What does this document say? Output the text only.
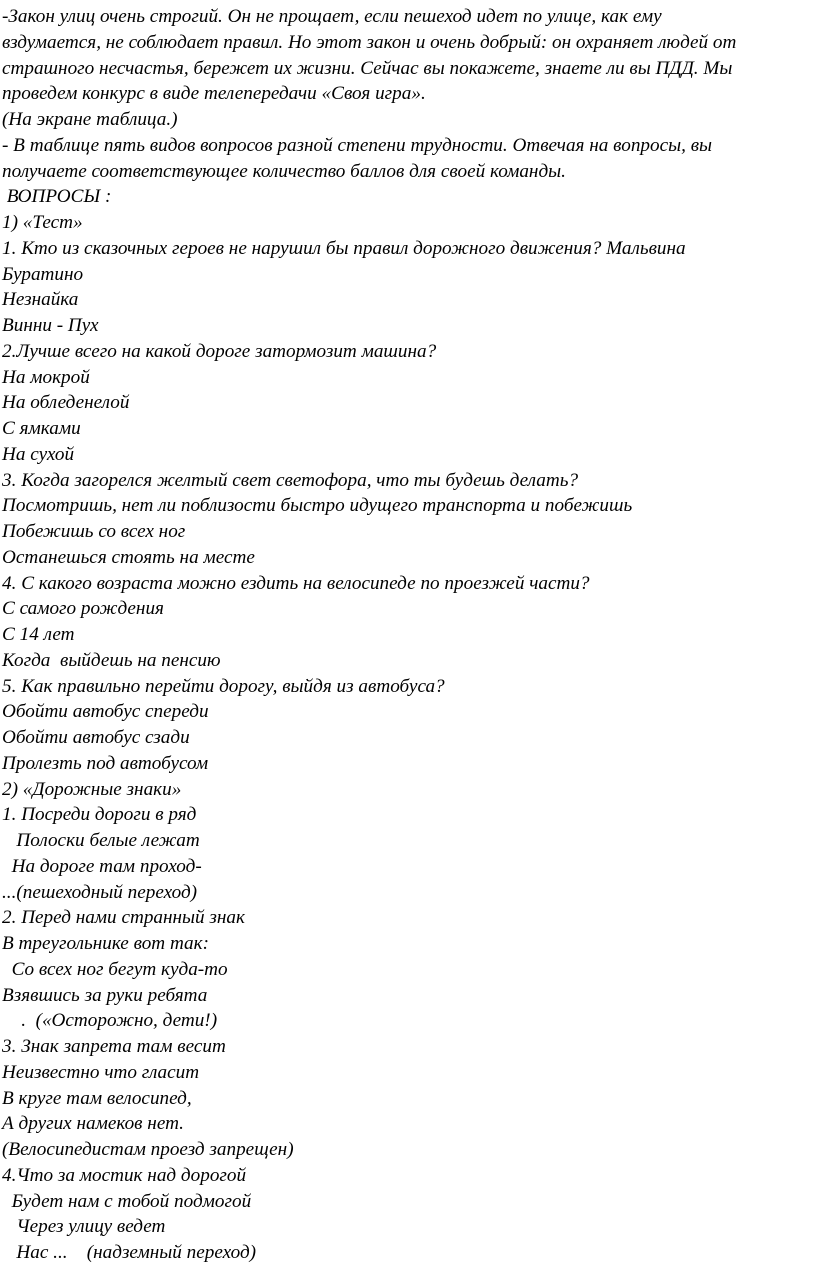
-Закон улиц очень строгий. Он не прощает, если пешеход идет по улице, как ему
вздумается, не соблюдает правил. Но этот закон и очень добрый: он охраняет людей от
страшного несчастья, бережет их жизни. Сейчас вы покажете, знаете ли вы ПДД. Мы
проведем конкурс в виде телепередачи «Своя игра».
(На экране таблица.)
- В таблице пять видов вопросов разной степени трудности. Отвечая на вопросы, вы
получаете соответствующее количество баллов для своей команды.
ВОПРОСЫ :
1) «Тест»
1. Кто из сказочных героев не нарушил бы правил дорожного движения? Мальвина
Буратино
Незнайка
Винни - Пух
2.Лучше всего на какой дороге затормозит машина?
На мокрой
На обледенелой
С ямками
На сухой
3. Когда загорелся желтый свет светофора, что ты будешь делать?
Посмотришь, нет ли поблизости быстро идущего транспорта и побежишь
Побежишь со всех ног
Останешься стоять на месте
4. С какого возраста можно ездить на велосипеде по проезжей части?
С самого рождения
С 14 лет
Когда  выйдешь на пенсию
5. Как правильно перейти дорогу, выйдя из автобуса?
Обойти автобус спереди
Обойти автобус сзади
Пролезть под автобусом
2) «Дорожные знаки»
1. Посреди дороги в ряд
Полоски белые лежат
На дороге там проход-
...(пешеходный переход)
2. Перед нами странный знак
В треугольнике вот так:
Со всех ног бегут куда-то
Взявшись за руки ребята
.  («Осторожно, дети!)
3. Знак запрета там весит
Неизвестно что гласит
В круге там велосипед,
А других намеков нет.
(Велосипедистам проезд запрещен)
4.Что за мостик над дорогой
Будет нам с тобой подмогой
Через улицу ведет
Нас ...    (надземный переход)
